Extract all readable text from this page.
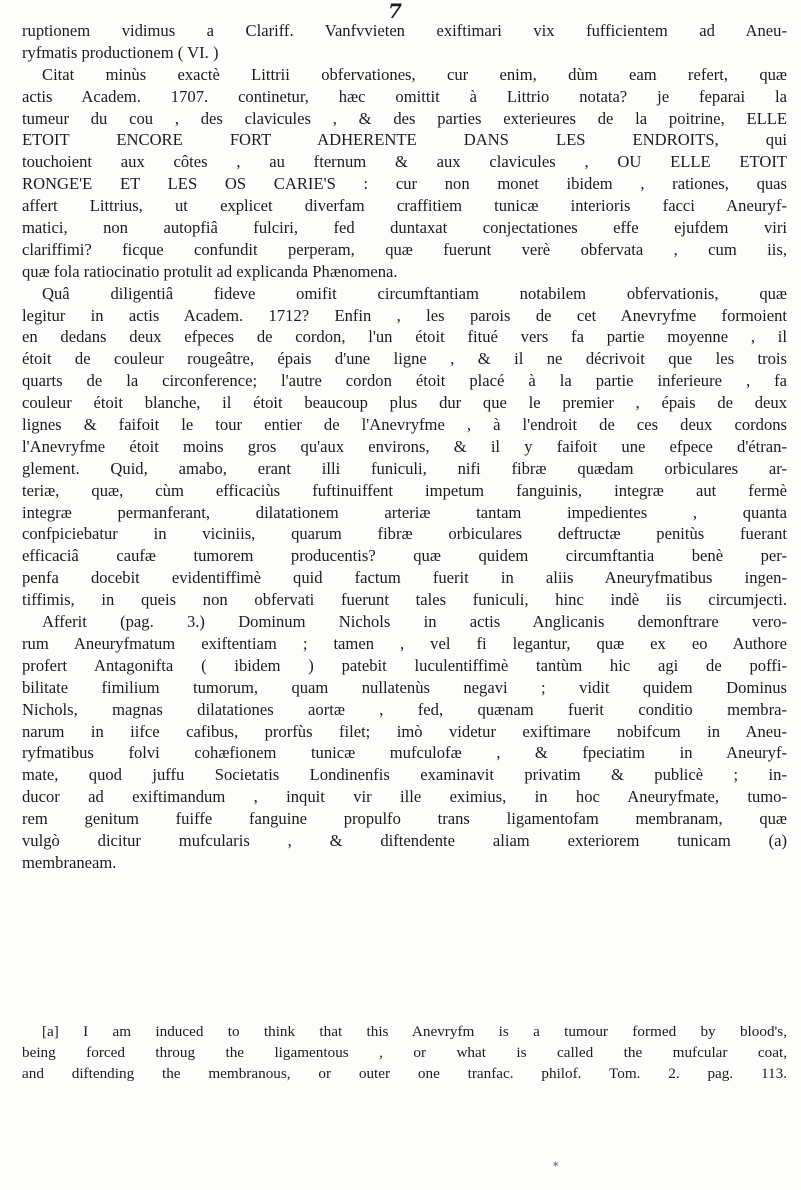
7
ruptionem vidimus a Clariff. Vanfvvieten exiftimari vix fufficientem ad Aneu-
ryfmatis productionem ( VI. )
Citat minùs exactè Littrii obfervationes, cur enim, dùm eam refert, quæ
actis Academ. 1707. continetur, hæc omittit à Littrio notata? je feparai la
tumeur du cou , des clavicules , & des parties exterieures de la poitrine, ELLE
ETOIT ENCORE FORT ADHERENTE DANS LES ENDROITS, qui
touchoient aux côtes , au fternum & aux clavicules , OU ELLE ETOIT
RONGE'E ET LES OS CARIE'S : cur non monet ibidem , rationes, quas
affert Littrius, ut explicet diverfam craffitiem tunicæ interioris facci Aneuryf-
matici, non autopfiâ fulciri, fed duntaxat conjectationes effe ejufdem viri
clariffimi? ficque confundit perperam, quæ fuerunt verè obfervata , cum iis,
quæ fola ratiocinatio protulit ad explicanda Phænomena.
Quâ diligentiâ fideve omifit circumftantiam notabilem obfervationis, quæ
legitur in actis Academ. 1712? Enfin , les parois de cet Anevryfme formoient
en dedans deux efpeces de cordon, l'un étoit fitué vers fa partie moyenne , il
étoit de couleur rougeâtre, épais d'une ligne , & il ne décrivoit que les trois
quarts de la circonference; l'autre cordon étoit placé à la partie inferieure , fa
couleur étoit blanche, il étoit beaucoup plus dur que le premier , épais de deux
lignes & faifoit le tour entier de l'Anevryfme , à l'endroit de ces deux cordons
l'Anevryfme étoit moins gros qu'aux environs, & il y faifoit une efpece d'étran-
glement. Quid, amabo, erant illi funiculi, nifi fibræ quædam orbiculares ar-
teriæ, quæ, cùm efficaciùs fuftinuiffent impetum fanguinis, integræ aut fermè
integræ permanferant, dilatationem arteriæ tantam impedientes , quanta
confpiciebatur in viciniis, quarum fibræ orbiculares deftructæ penitùs fuerant
efficaciâ caufæ tumorem producentis? quæ quidem circumftantia benè per-
penfa docebit evidentiffimè quid factum fuerit in aliis Aneuryfmatibus ingen-
tiffimis, in queis non obfervati fuerunt tales funiculi, hinc indè iis circumjecti.
Afferit (pag. 3.) Dominum Nichols in actis Anglicanis demonftrare vero-
rum Aneuryfmatum exiftentiam ; tamen , vel fi legantur, quæ ex eo Authore
profert Antagonifta ( ibidem ) patebit luculentiffimè tantùm hic agi de poffi-
bilitate fimilium tumorum, quam nullatenùs negavi ; vidit quidem Dominus
Nichols, magnas dilatationes aortæ , fed, quænam fuerit conditio membra-
narum in iifce cafibus, prorfùs filet; imò videtur exiftimare nobifcum in Aneu-
ryfmatibus folvi cohæfionem tunicæ mufculofæ , & fpeciatim in Aneuryf-
mate, quod juffu Societatis Londinenfis examinavit privatim & publicè ; in-
ducor ad exiftimandum , inquit vir ille eximius, in hoc Aneuryfmate, tumo-
rem genitum fuiffe fanguine propulfo trans ligamentofam membranam, quæ
vulgò dicitur mufcularis , & diftendente aliam exteriorem tunicam (a)
membraneam.
[a] I am induced to think that this Anevryfm is a tumour formed by blood's,
being forced throug the ligamentous , or what is called the mufcular coat,
and diftending the membranous, or outer one tranfac. philof. Tom. 2. pag. 113.
*
